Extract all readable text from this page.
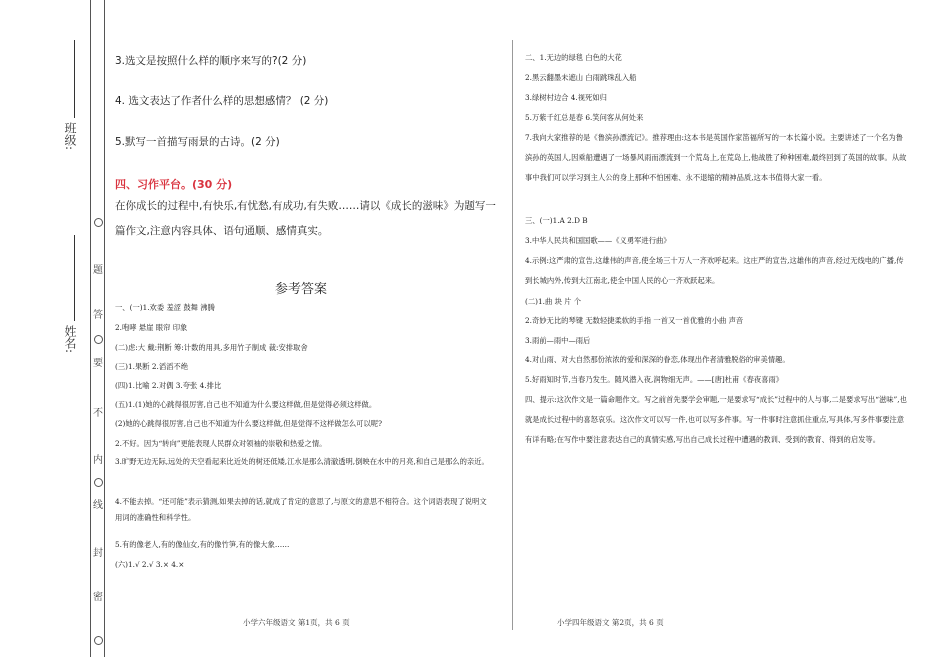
班级:
姓名:
题
答
要
不
内
线
封
密
3.选文是按照什么样的顺序来写的?(2 分)
4. 选文表达了作者什么样的思想感情？ (2 分)
5.默写一首描写雨景的古诗。(2 分)
四、习作平台。(30 分)
在你成长的过程中,有快乐,有忧愁,有成功,有失败……请以《成长的滋味》为题写一篇作文,注意内容具体、语句通顺、感情真实。
参考答案
一、(一)1.欢委 羞涩 鼓舞 沸腾
2.咆哮 悬崖 眼帘 印象
(二)虑:大 戴:荆断 筹:计数的用具,多用竹子制成 裁:安排取舍
(三)1.果断 2.滔滔不绝
(四)1.比喻 2.对偶 3.夸张 4.排比
(五)1.(1)她的心跳得很厉害,自己也不知道为什么要这样做,但是觉得必须这样做。
(2)她的心跳得很厉害,自己也不知道为什么要这样做,但是觉得不这样做怎么可以呢?
2.不好。因为“转向”更能表现人民群众对领袖的崇敬和热爱之情。
3.旷野无边无际,远处的天空看起来比近处的树还低矮,江水是那么清澈透明,倒映在水中的月亮,和自己是那么的亲近。
4.不能去掉。“还可能”表示猜测,如果去掉的话,就成了肯定的意思了,与原文的意思不相符合。这个词语表现了说明文用词的准确性和科学性。
5.有的像老人,有的像仙女,有的像竹笋,有的像大象……
(六)1.√ 2.√ 3.× 4.×
小学六年级语文 第1页，共 6 页
二、1.无边的绿毯 白色的大花
2.黑云翻墨未遮山 白雨跳珠乱入船
3.绿树村边合 4.视死如归
5.万紫千红总是春 6.笑问客从何处来
7.我向大家推荐的是《鲁滨孙漂流记》。推荐理由:这本书是英国作家笛福所写的一本长篇小说。主要讲述了一个名为鲁滨孙的英国人,因乘船遭遇了一场暴风雨而漂流到一个荒岛上,在荒岛上,他战胜了种种困难,最终回到了英国的故事。从故事中我们可以学习到主人公的身上那种不怕困难、永不退缩的精神品质,这本书值得大家一看。
三、(一)1.A 2.D B
3.中华人民共和国国歌——《义勇军进行曲》
4.示例:这严肃的宣告,这雄伟的声音,使全场三十万人一齐欢呼起来。这庄严的宣告,这雄伟的声音,经过无线电的广播,传到长城内外,传到大江南北,使全中国人民的心一齐欢跃起来。
(二)1.曲 块 片 个
2.奇妙无比的琴键 无数轻捷柔软的手指 一首又一首优雅的小曲 声音
3.雨前—雨中—雨后
4.对山雨、对大自然那份浓浓的爱和深深的眷恋,体现出作者清雅脱俗的审美情趣。
5.好雨知时节,当春乃发生。随风潜入夜,润物细无声。——[唐]杜甫《春夜喜雨》
四、提示:这次作文是一篇命题作文。写之前首先要学会审题,一是要求写“成长”过程中的人与事,二是要求写出“滋味”,也就是成长过程中的喜怒哀乐。这次作文可以写一件,也可以写多件事。写一件事时注意抓住重点,写具体,写多件事要注意有详有略;在写作中要注意表达自己的真情实感,写出自己成长过程中遭遇的教训、受到的教育、得到的启发等。
小学四年级语文 第2页，共 6 页
